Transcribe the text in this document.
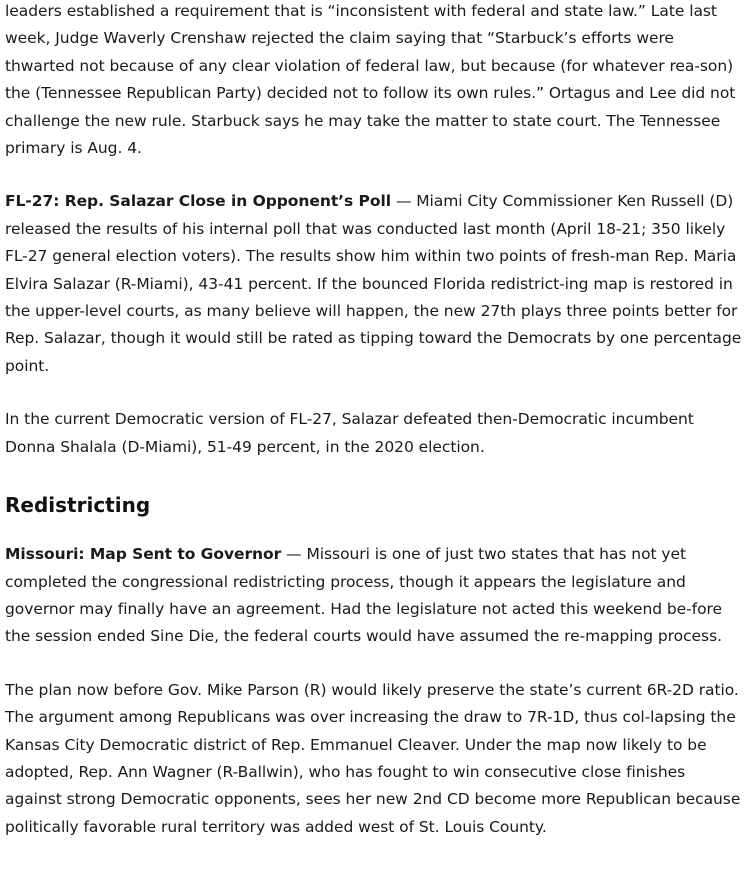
leaders established a requirement that is “inconsistent with federal and state law.” Late last week, Judge Waverly Crenshaw rejected the claim saying that “Starbuck’s efforts were thwarted not because of any clear violation of federal law, but because (for whatever rea-son) the (Tennessee Republican Party) decided not to follow its own rules.” Ortagus and Lee did not challenge the new rule. Starbuck says he may take the matter to state court. The Tennessee primary is Aug. 4.

FL-27: Rep. Salazar Close in Opponent’s Poll — Miami City Commissioner Ken Russell (D) released the results of his internal poll that was conducted last month (April 18-21; 350 likely FL-27 general election voters). The results show him within two points of fresh-man Rep. Maria Elvira Salazar (R-Miami), 43-41 percent. If the bounced Florida redistrict-ing map is restored in the upper-level courts, as many believe will happen, the new 27th plays three points better for Rep. Salazar, though it would still be rated as tipping toward the Democrats by one percentage point.

In the current Democratic version of FL-27, Salazar defeated then-Democratic incumbent Donna Shalala (D-Miami), 51-49 percent, in the 2020 election.

Redistricting

Missouri: Map Sent to Governor — Missouri is one of just two states that has not yet completed the congressional redistricting process, though it appears the legislature and governor may finally have an agreement. Had the legislature not acted this weekend be-fore the session ended Sine Die, the federal courts would have assumed the re-mapping process.

The plan now before Gov. Mike Parson (R) would likely preserve the state’s current 6R-2D ratio. The argument among Republicans was over increasing the draw to 7R-1D, thus col-lapsing the Kansas City Democratic district of Rep. Emmanuel Cleaver. Under the map now likely to be adopted, Rep. Ann Wagner (R-Ballwin), who has fought to win consecutive close finishes against strong Democratic opponents, sees her new 2nd CD become more Republican because politically favorable rural territory was added west of St. Louis County.
